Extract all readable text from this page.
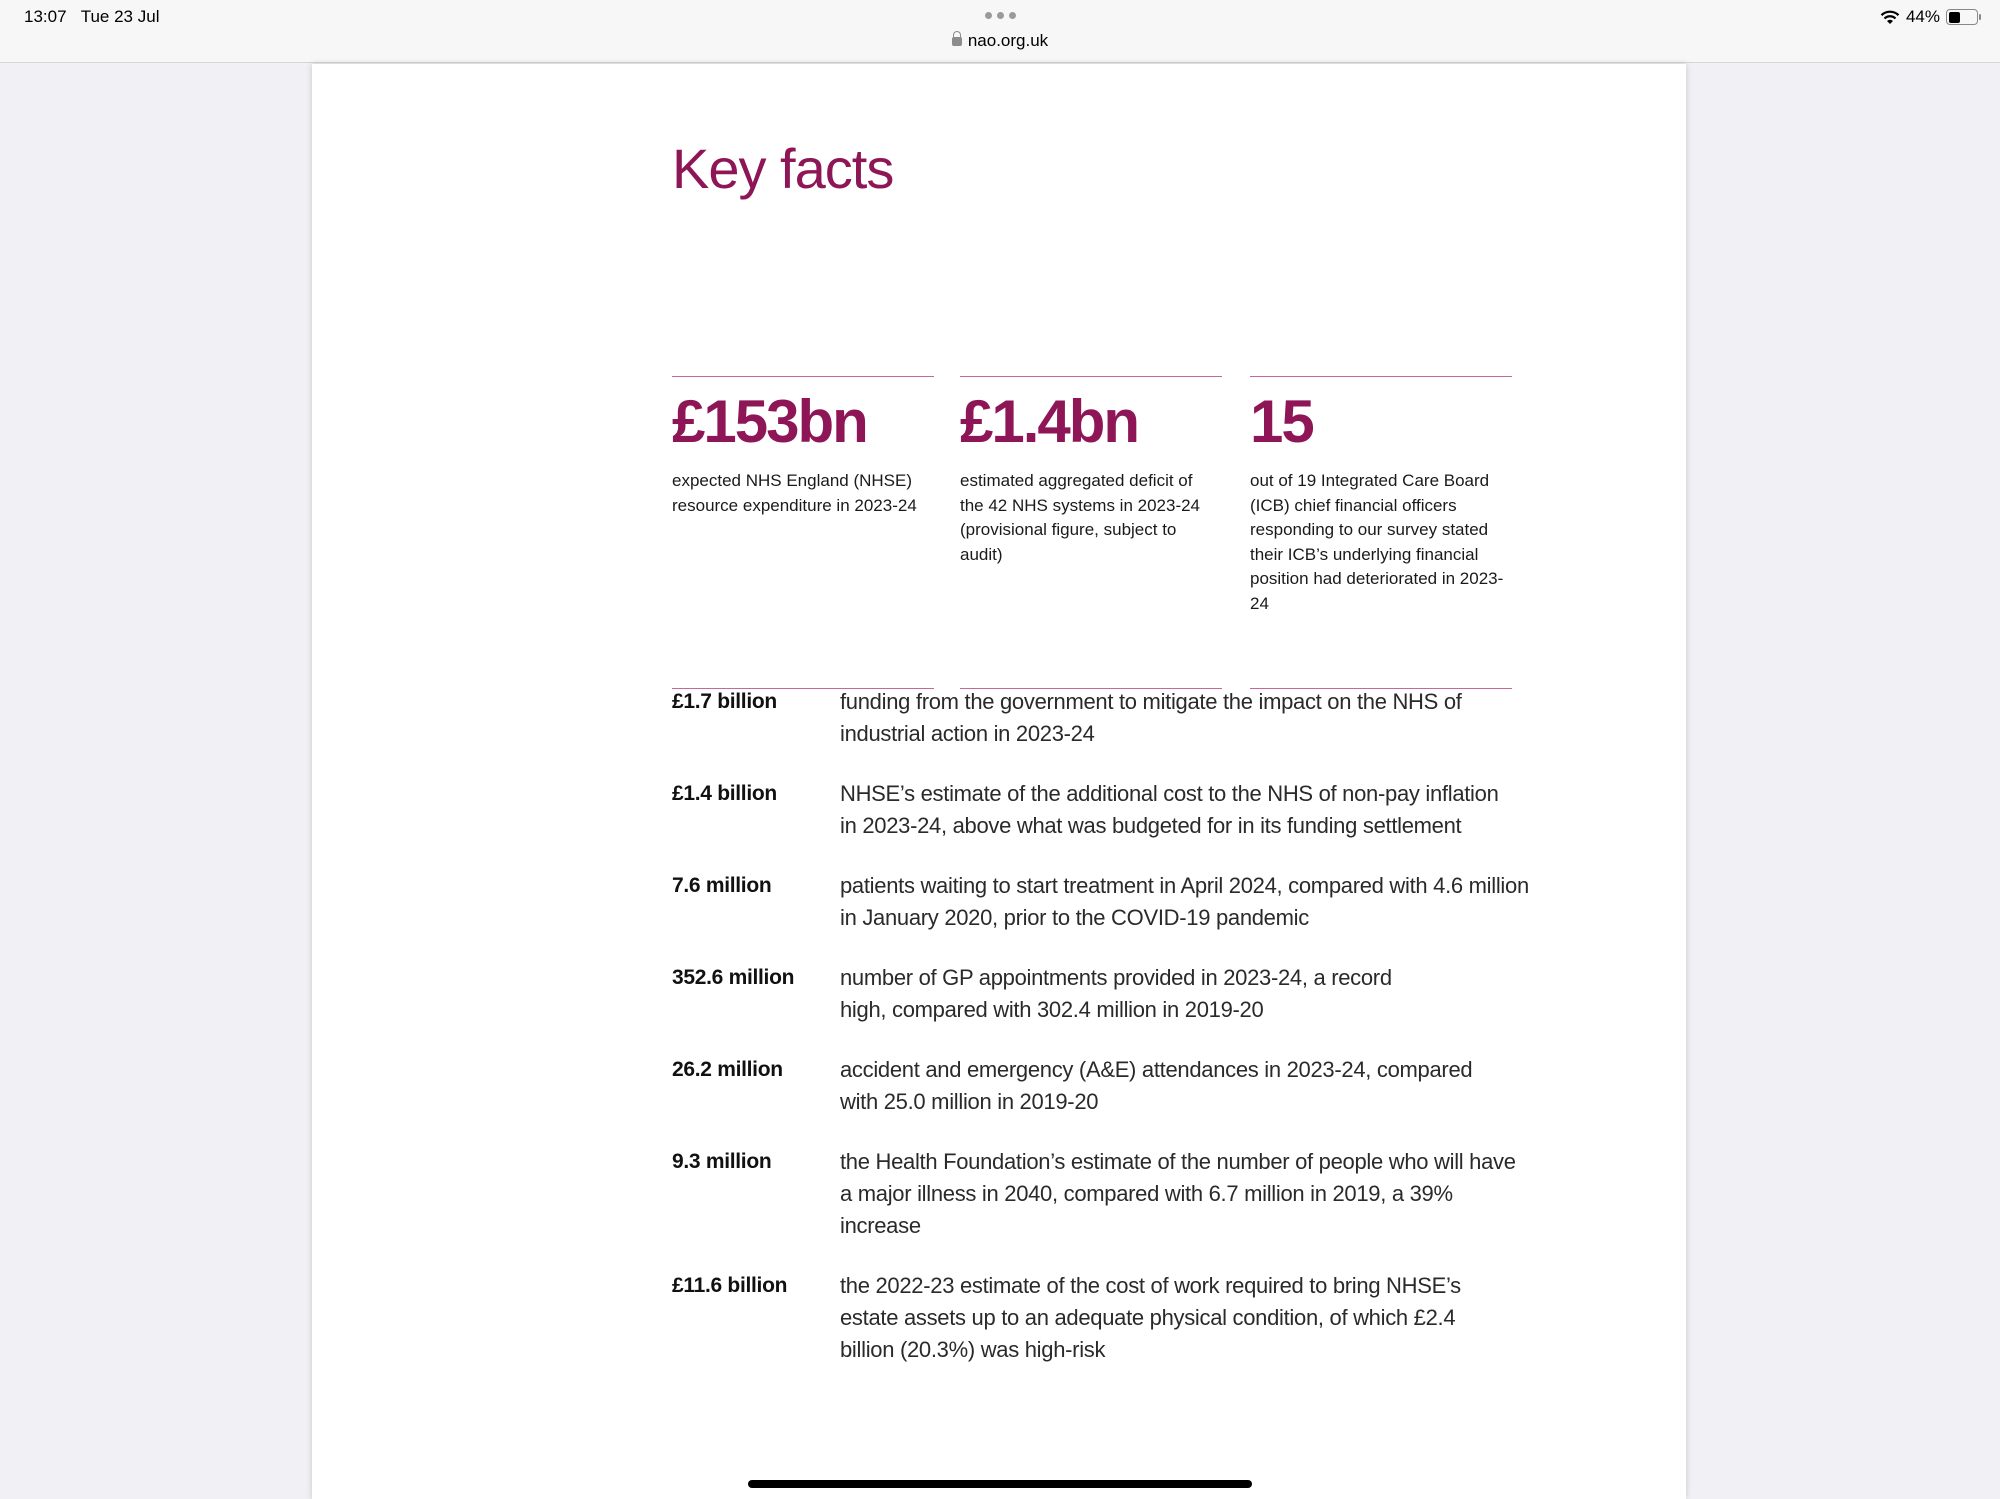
13:07 Tue 23 Jul
nao.org.uk
44%
Key facts
£153bn
expected NHS England (NHSE) resource expenditure in 2023-24
£1.4bn
estimated aggregated deficit of the 42 NHS systems in 2023-24 (provisional figure, subject to audit)
15
out of 19 Integrated Care Board (ICB) chief financial officers responding to our survey stated their ICB’s underlying financial position had deteriorated in 2023-24
£1.7 billion	funding from the government to mitigate the impact on the NHS of industrial action in 2023-24
£1.4 billion	NHSE’s estimate of the additional cost to the NHS of non-pay inflation in 2023-24, above what was budgeted for in its funding settlement
7.6 million	patients waiting to start treatment in April 2024, compared with 4.6 million in January 2020, prior to the COVID-19 pandemic
352.6 million	number of GP appointments provided in 2023-24, a record high, compared with 302.4 million in 2019-20
26.2 million	accident and emergency (A&E) attendances in 2023-24, compared with 25.0 million in 2019-20
9.3 million	the Health Foundation’s estimate of the number of people who will have a major illness in 2040, compared with 6.7 million in 2019, a 39% increase
£11.6 billion	the 2022-23 estimate of the cost of work required to bring NHSE’s estate assets up to an adequate physical condition, of which £2.4 billion (20.3%) was high-risk
